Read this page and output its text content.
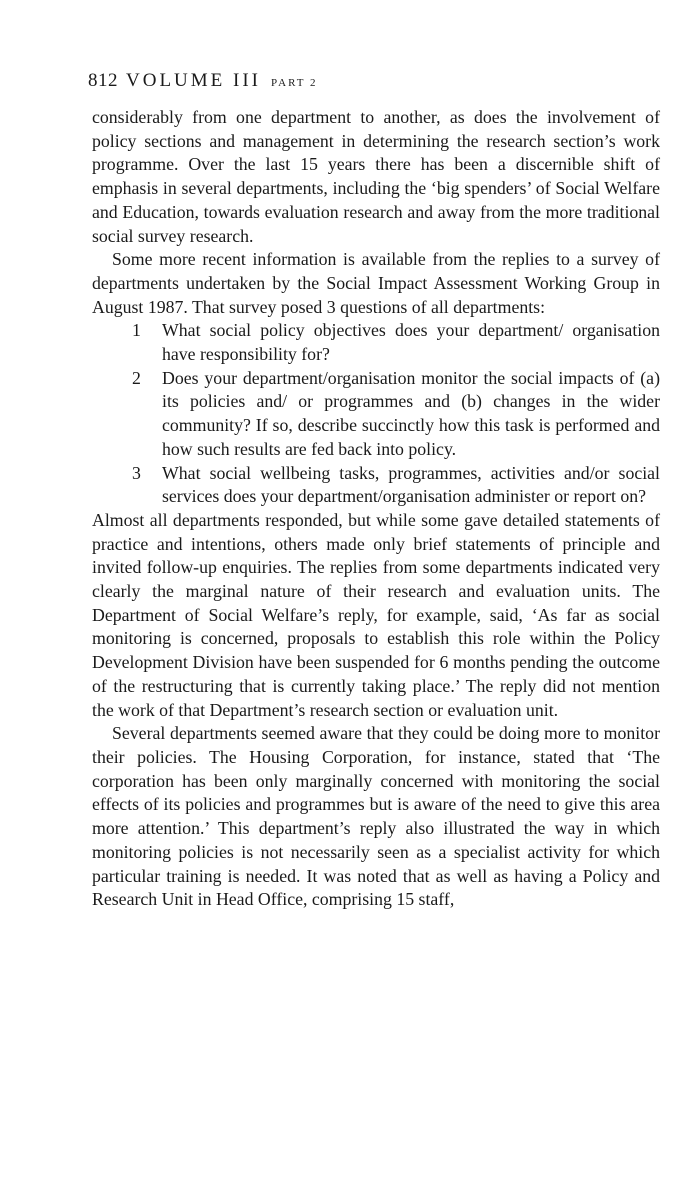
812 VOLUME III PART 2

considerably from one department to another, as does the involvement of policy sections and management in determining the research section’s work programme. Over the last 15 years there has been a discernible shift of emphasis in several departments, including the ‘big spenders’ of Social Welfare and Education, towards evaluation research and away from the more traditional social survey research.

Some more recent information is available from the replies to a survey of departments undertaken by the Social Impact Assessment Working Group in August 1987. That survey posed 3 questions of all departments:

1 What social policy objectives does your department/ organisation have responsibility for?
2 Does your department/organisation monitor the social impacts of (a) its policies and/ or programmes and (b) changes in the wider community? If so, describe succinctly how this task is performed and how such results are fed back into policy.
3 What social wellbeing tasks, programmes, activities and/or social services does your department/organisation administer or report on?

Almost all departments responded, but while some gave detailed statements of practice and intentions, others made only brief statements of principle and invited follow-up enquiries. The replies from some departments indicated very clearly the marginal nature of their research and evaluation units. The Department of Social Welfare’s reply, for example, said, ‘As far as social monitoring is concerned, proposals to establish this role within the Policy Development Division have been suspended for 6 months pending the outcome of the restructuring that is currently taking place.’ The reply did not mention the work of that Department’s research section or evaluation unit.

Several departments seemed aware that they could be doing more to monitor their policies. The Housing Corporation, for instance, stated that ‘The corporation has been only marginally concerned with monitoring the social effects of its policies and programmes but is aware of the need to give this area more attention.’ This department’s reply also illustrated the way in which monitoring policies is not necessarily seen as a specialist activity for which particular training is needed. It was noted that as well as having a Policy and Research Unit in Head Office, comprising 15 staff,
